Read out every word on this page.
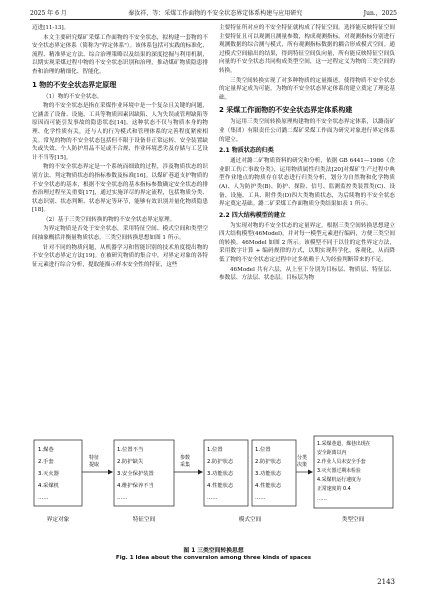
2025 年 6 月	秦汝祥，等：采煤工作面物的不安全状态界定体系构建与应用研究	Jun.，2025

迈进[11-13]。

本文主要研究煤矿采煤工作面物的不安全状态，拟构建一套物的不安全状态界定体系（简称为"界定体系"）。该体系包括可实践的标准化、流程、精准界定方法、综合治理策略以及结果的深度挖掘与利用机制，以期实现采煤过程中物的不安全状态识别和治理，推动煤矿物质隐患排查和治理的精细化、智能化。

1 物的不安全状态界定原理

（1）物的不安全状态。

物的不安全状态是指在采煤作业环境中是一个复杂且关键的问题，它涵盖了设备、设施、工具等物质因素因缺陷、人为失误或管理缺陷等原因而可能引发事故的隐患状态[14]。这种状态不仅与物质本身的物理、化学性质有关，还与人的行为模式和管理体系的完善程度紧密相关。常见的物的不安全状态包括但不限于设备非正常运转、安全装置缺失或失效、个人防护用品不足或不合规、作业环境恶劣及存储与工艺设计不当等[15]。

物的不安全状态界定是一个系统而细致的过程，涉及物质状态的识别方法、判定物质状态的指标参数及标准[16]。以煤矿巷道支护物质的不安全状态的基本，根据不安全状态的基本指标参数确定安全状态的排查治理过程至关重要[17]，通过实施详尽的界定流程，包括物质分类、状态识别、状态判断、状态界定等环节，能够有效识别并量化物质隐患[18]。

（2）基于三类空间转换的物的不安全状态界定原理。

为界定物质是否处于安全状态，采用特征空间、模式空间和类型空间抽象概括并衡量物质状态。三类空间转换思想如图 1 所示。

针对不同的物质问题，从机器学习和智能识别的技术角度提出物的不安全状态界定方法[19]。在被研究物质的集合中，对界定对象的各特征元素进行综合分析，提取能描示样本安全性的特征，这些

主要特征所对应的不安全特征就构成了特征空间。选择能反映特征空间主要特征且可以观测且测量参数，构成观测指标。对观测指标分别进行观测数据的综合测与模式，所有观测指标数据的耦合形成模式空间。通过模式空间输出的结果，得到特征空间负向量，所有能反映特征空间负向量的不安全状态共同构成类型空间，这一过程定义为物的三类空间的转换。

三类空间转换实现了对多种物质的定量描述，使得物质不安全状态的定量界定成为可能，为物的不安全状态界定体系的建立奠定了理论基础。

2 采煤工作面物的不安全状态界定体系构建

为运用三类空间转换原理构建物的不安全状态界定体系，以潞南矿业（集团）有限责任公司潞二煤矿采煤工作面为研究对象进行界定体系的建立。

2.1 物质状态的归类

通过对潞二矿物质资料的研究和分析，依据 GB 6441—1986《企业职工伤亡事故分类》，运用物质属性归类法[20]对煤矿生产过程中典型作业地点的物质存在状态进行归类分析，划分为自然物和化学物质(A)、人为防护类(B)、防护、探险、信号、监测监控类装置类(C)、设备、设施、工具、附件类(D)四大类物质状态，为后续物的不安全状态界定奠定基础。潞二矿采煤工作面物质分类结果如表 1 所示。

2.2 四大结构模型的建立

为实现对物的不安全状态的定量界定，根据三类空间转换思想建立四大结构模型(46Model)，并对每一模型元素进行编码，方便三类空间的转换。46Model 如图 2 所示。该模型不同于以往的定性界定方法，采用数字计算 + 编码规律的方式，以期实现科学化、客观化，从而降低了物的不安全状态定过程中过多依赖于人为经验判断带来的不足。

46Model 共有六层，从上至下分别为目标层、物质层、特征层、参数层、方法层、状态层。目标层为物

1.煤巷
2.手套
3.灭火器
4.采煤机
……
特征
提取
1.位置不当
2.防护缺失
3.安全保护装置
4.维护保养不当
……
参数
采集
1.位置
2.防护状态
3.功能状态
4.性能状态
……
1.位置
2.防护状态
3.功能状态
4.性能状态
……
分类
决策
1.采煤巷道，煤巷出现在
安全距离以内
2.作业人员未安全手套
3.灭火器过期未检验
4.采煤机运行速度为
正常速度的 0.4
……
界定对象	特征空间	模式空间	类型空间
图 1 三类空间转换思想
Fig. 1 Idea about the conversion among three kinds of spaces
2143
